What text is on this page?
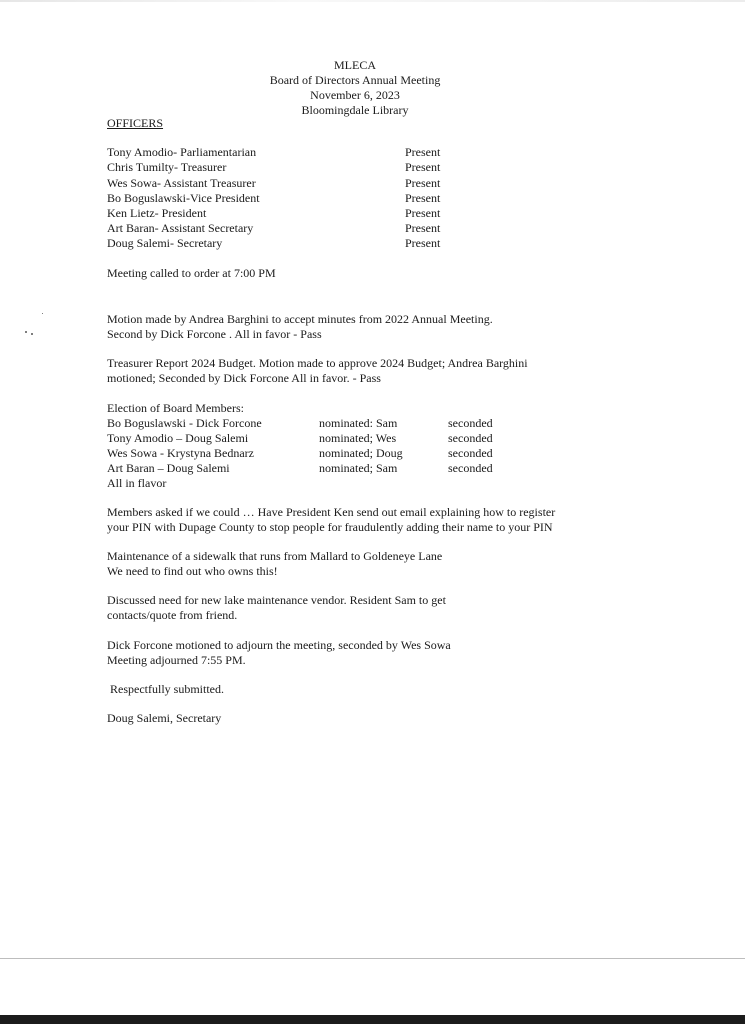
MLECA
Board of Directors Annual Meeting
November 6, 2023
Bloomingdale Library
OFFICERS
Tony Amodio- Parliamentarian	Present
Chris Tumilty- Treasurer	Present
Wes Sowa- Assistant Treasurer	Present
Bo Boguslawski-Vice President	Present
Ken Lietz- President	Present
Art Baran- Assistant Secretary	Present
Doug Salemi- Secretary	Present
Meeting called to order at 7:00 PM
Motion made by Andrea Barghini to accept minutes from 2022 Annual Meeting.
Second by Dick Forcone . All in favor - Pass
Treasurer Report 2024 Budget. Motion made to approve 2024 Budget; Andrea Barghini
motioned; Seconded by Dick Forcone All in favor. - Pass
Election of Board Members:
Bo Boguslawski - Dick Forcone	nominated: Sam	seconded
Tony Amodio – Doug Salemi	nominated; Wes	seconded
Wes Sowa - Krystyna Bednarz	nominated; Doug	seconded
Art Baran – Doug Salemi	nominated; Sam	seconded
All in flavor
Members asked if we could … Have President Ken send out email explaining how to register
your PIN with Dupage County to stop people for fraudulently adding their name to your PIN
Maintenance of a sidewalk that runs from Mallard to Goldeneye Lane
We need to find out who owns this!
Discussed need for new lake maintenance vendor. Resident Sam to get
contacts/quote from friend.
Dick Forcone motioned to adjourn the meeting, seconded by Wes Sowa
Meeting adjourned 7:55 PM.
Respectfully submitted.
Doug Salemi, Secretary
